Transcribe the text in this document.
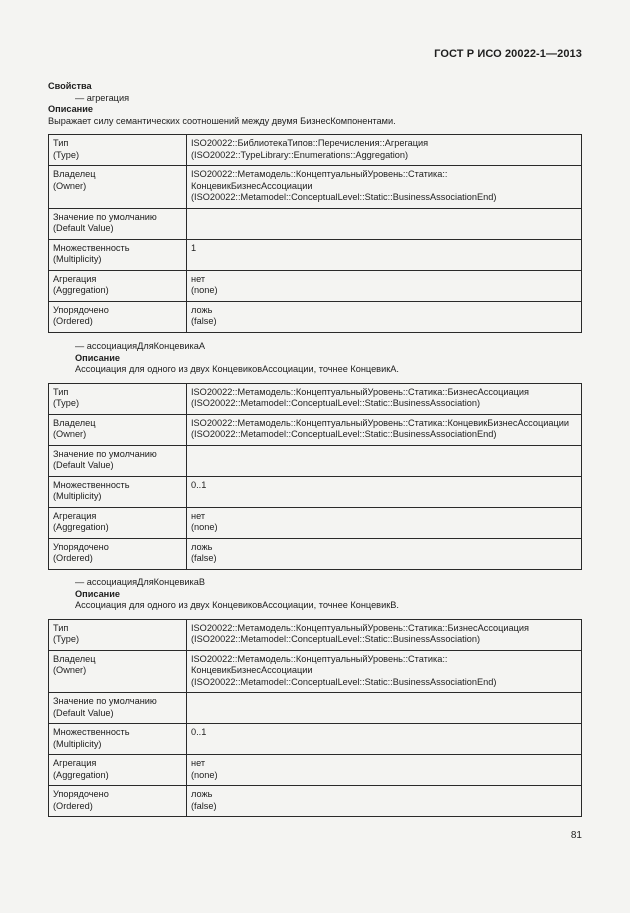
ГОСТ Р ИСО 20022-1—2013
Свойства
— агрегация
Описание
Выражает силу семантических соотношений между двумя БизнесКомпонентами.
Тип
(Type)	ISO20022::БиблиотекаТипов::Перечисления::Агрегация
(ISO20022::TypeLibrary::Enumerations::Aggregation)

Владелец
(Owner)	ISO20022::Метамодель::КонцептуальныйУровень::Статика::
КонцевикБизнесАссоциации
(ISO20022::Metamodel::ConceptualLevel::Static::BusinessAssociationEnd)

Значение по умолчанию
(Default Value)	

Множественность
(Multiplicity)	1

Агрегация
(Aggregation)	нет
(none)

Упорядочено
(Ordered)	ложь
(false)
— ассоциацияДляКонцевикаА
Описание
Ассоциация для одного из двух КонцевиковАссоциации, точнее КонцевикА.
Тип
(Type)	ISO20022::Метамодель::КонцептуальныйУровень::Статика::БизнесАссоциация
(ISO20022::Metamodel::ConceptualLevel::Static::BusinessAssociation)

Владелец
(Owner)	ISO20022::Метамодель::КонцептуальныйУровень::Статика::КонцевикБизнесАссоциации
(ISO20022::Metamodel::ConceptualLevel::Static::BusinessAssociationEnd)

Значение по умолчанию
(Default Value)	

Множественность
(Multiplicity)	0..1

Агрегация
(Aggregation)	нет
(none)

Упорядочено
(Ordered)	ложь
(false)
— ассоциацияДляКонцевикаВ
Описание
Ассоциация для одного из двух КонцевиковАссоциации, точнее КонцевикВ.
Тип
(Type)	ISO20022::Метамодель::КонцептуальныйУровень::Статика::БизнесАссоциация
(ISO20022::Metamodel::ConceptualLevel::Static::BusinessAssociation)

Владелец
(Owner)	ISO20022::Метамодель::КонцептуальныйУровень::Статика::
КонцевикБизнесАссоциации
(ISO20022::Metamodel::ConceptualLevel::Static::BusinessAssociationEnd)

Значение по умолчанию
(Default Value)	

Множественность
(Multiplicity)	0..1

Агрегация
(Aggregation)	нет
(none)

Упорядочено
(Ordered)	ложь
(false)
81
